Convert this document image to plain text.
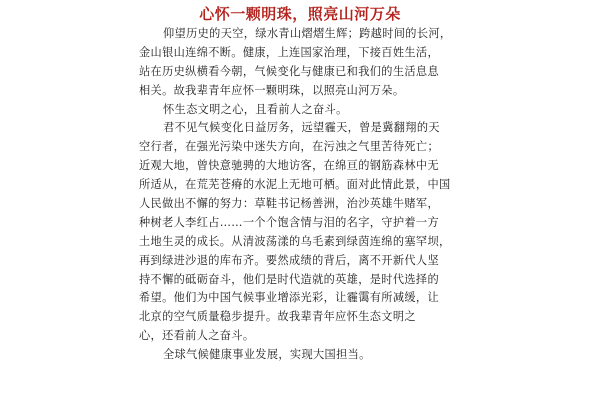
心怀一颗明珠，照亮山河万朵
仰望历史的天空，绿水青山熠熠生辉；跨越时间的长河，
金山银山连绵不断。健康，上连国家治理，下接百姓生活，
站在历史纵横看今朝，气候变化与健康已和我们的生活息息
相关。故我辈青年应怀一颗明珠，以照亮山河万朵。
怀生态文明之心，且看前人之奋斗。
君不见气候变化日益厉务，远望霾天，曾是冀翻翔的天
空行者，在强光污染中迷失方向，在污浊之气里苦待死亡；
近观大地，曾快意驰骋的大地访客，在绵亘的钢筋森林中无
所适从，在荒芜苍瘠的水泥上无地可栖。面对此情此景，中国
人民做出不懈的努力：草鞋书记杨善洲，治沙英雄牛赌军，
种树老人李红占……一个个饱含情与泪的名字，守护着一方
土地生灵的成长。从清波荡漾的乌毛素到绿茵连绵的塞罕坝，
再到绿进沙退的库布齐。要然成绩的背后，离不开新代人坚
持不懈的砥砺奋斗，他们是时代造就的英雄，是时代选择的
希望。他们为中国气候事业增添光彩，让霾霭有所减缓，让
北京的空气质量稳步提升。故我辈青年应怀生态文明之
心，还看前人之奋斗。
全球气候健康事业发展，实现大国担当。
